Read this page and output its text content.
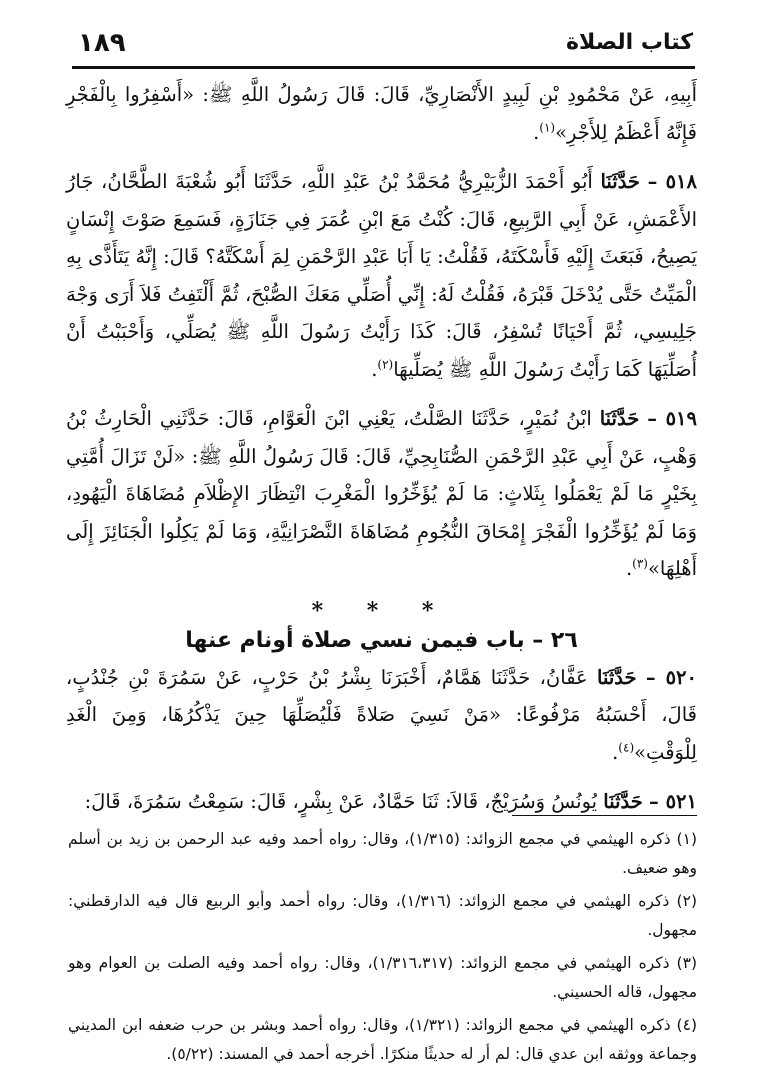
١٨٩	كتاب الصلاة

أَبِيهِ، عَنْ مَحْمُودِ بْنِ لَبِيدٍ الأَنْصَارِيِّ، قَالَ: قَالَ رَسُولُ اللَّهِ ﷺ: «أَسْفِرُوا بِالْفَجْرِ فَإِنَّهُ أَعْظَمُ لِلأَجْرِ»$^{(١)}$.

٥١٨ – حَدَّثَنَا أَبُو أَحْمَدَ الزُّبَيْرِيُّ مُحَمَّدُ بْنُ عَبْدِ اللَّهِ، حَدَّثَنَا أَبُو شُعْبَةَ الطَّحَّانُ، جَارُ الأَعْمَشِ، عَنْ أَبِي الرَّبِيعِ، قَالَ: كُنْتُ مَعَ ابْنِ عُمَرَ فِي جَنَازَةٍ، فَسَمِعَ صَوْتَ إِنْسَانٍ يَصِيحُ، فَبَعَثَ إِلَيْهِ فَأَسْكَتَهُ، فَقُلْتُ: يَا أَبَا عَبْدِ الرَّحْمَنِ لِمَ أَسْكَتَّهُ؟ قَالَ: إِنَّهُ يَتَأَذَّى بِهِ الْمَيِّتُ حَتَّى يُدْخَلَ قَبْرَهُ، فَقُلْتُ لَهُ: إِنِّي أُصَلِّي مَعَكَ الصُّبْحَ، ثُمَّ أَلْتَفِتُ فَلاَ أَرَى وَجْهَ جَلِيسِي، ثُمَّ أَحْيَانًا تُسْفِرُ، قَالَ: كَذَا رَأَيْتُ رَسُولَ اللَّهِ ﷺ يُصَلِّي، وَأَحْبَبْتُ أَنْ أُصَلِّيَهَا كَمَا رَأَيْتُ رَسُولَ اللَّهِ ﷺ يُصَلِّيهَا$^{(٢)}$.

٥١٩ – حَدَّثَنَا ابْنُ نُمَيْرٍ، حَدَّثَنَا الصَّلْتُ، يَعْنِي ابْنَ الْعَوَّامِ، قَالَ: حَدَّثَنِي الْحَارِثُ بْنُ وَهْبٍ، عَنْ أَبِي عَبْدِ الرَّحْمَنِ الصُّنَابِحِيِّ، قَالَ: قَالَ رَسُولُ اللَّهِ ﷺ: «لَنْ تَزَالَ أُمَّتِي بِخَيْرٍ مَا لَمْ يَعْمَلُوا بِثَلاثٍ: مَا لَمْ يُؤَخِّرُوا الْمَغْرِبَ انْتِظَارَ الإِظْلاَمِ مُضَاهَاةَ الْيَهُودِ، وَمَا لَمْ يُؤَخِّرُوا الْفَجْرَ إِمْحَاقَ النُّجُومِ مُضَاهَاةَ النَّصْرَانِيَّةِ، وَمَا لَمْ يَكِلُوا الْجَنَائِزَ إِلَى أَهْلِهَا»$^{(٣)}$.

* * *
٢٦ – باب فيمن نسي صلاة أونام عنها

٥٢٠ – حَدَّثَنَا عَفَّانُ، حَدَّثَنَا هَمَّامٌ، أَخْبَرَنَا بِشْرُ بْنُ حَرْبٍ، عَنْ سَمُرَةَ بْنِ جُنْدُبٍ، قَالَ، أَحْسَبُهُ مَرْفُوعًا: «مَنْ نَسِيَ صَلاةً فَلْيُصَلِّهَا حِينَ يَذْكُرُهَا، وَمِنَ الْغَدِ لِلْوَقْتِ»$^{(٤)}$.

٥٢١ – حَدَّثَنَا يُونُسُ وَسُرَيْجٌ، قَالاَ: ثَنَا حَمَّادٌ، عَنْ بِشْرٍ، قَالَ: سَمِعْتُ سَمُرَةَ، قَالَ:

(١) ذكره الهيثمي في مجمع الزوائد: (١/٣١٥)، وقال: رواه أحمد وفيه عبد الرحمن بن زيد بن أسلم وهو ضعيف.

(٢) ذكره الهيثمي في مجمع الزوائد: (١/٣١٦)، وقال: رواه أحمد وأبو الربيع قال فيه الدارقطني: مجهول.

(٣) ذكره الهيثمي في مجمع الزوائد: (١/٣١٦،٣١٧)، وقال: رواه أحمد وفيه الصلت بن العوام وهو مجهول، قاله الحسيني.

(٤) ذكره الهيثمي في مجمع الزوائد: (١/٣٢١)، وقال: رواه أحمد وبشر بن حرب ضعفه ابن المديني وجماعة ووثقه ابن عدي قال: لم أر له حديثًا منكرًا. أخرجه أحمد في المسند: (٥/٢٢).
